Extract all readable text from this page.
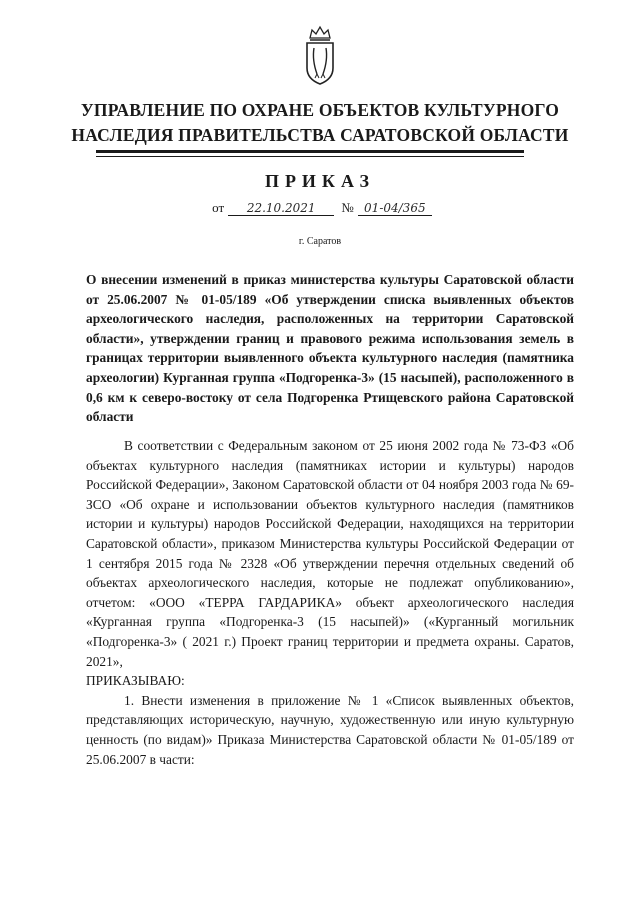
УПРАВЛЕНИЕ ПО ОХРАНЕ ОБЪЕКТОВ КУЛЬТУРНОГО
НАСЛЕДИЯ ПРАВИТЕЛЬСТВА САРАТОВСКОЙ ОБЛАСТИ
ПРИКАЗ
от 22.10.2021 № 01-04/365
г. Саратов
О внесении изменений в приказ министерства культуры Саратовской области от 25.06.2007 № 01-05/189 «Об утверждении списка выявленных объектов археологического наследия, расположенных на территории Саратовской области», утверждении границ и правового режима использования земель в границах территории выявленного объекта культурного наследия (памятника археологии) Курганная группа «Подгоренка-3» (15 насыпей), расположенного в 0,6 км к северо-востоку от села Подгоренка Ртищевского района Саратовской области

В соответствии с Федеральным законом от 25 июня 2002 года № 73-ФЗ «Об объектах культурного наследия (памятниках истории и культуры) народов Российской Федерации», Законом Саратовской области от 04 ноября 2003 года № 69-ЗСО «Об охране и использовании объектов культурного наследия (памятников истории и культуры) народов Российской Федерации, находящихся на территории Саратовской области», приказом Министерства культуры Российской Федерации от 1 сентября 2015 года № 2328 «Об утверждении перечня отдельных сведений об объектах археологического наследия, которые не подлежат опубликованию», отчетом: «ООО «ТЕРРА ГАРДАРИКА» объект археологического наследия «Курганная группа «Подгоренка-3 (15 насыпей)» («Курганный могильник «Подгоренка-3» ( 2021 г.) Проект границ территории и предмета охраны. Саратов, 2021»,

ПРИКАЗЫВАЮ:

1. Внести изменения в приложение № 1 «Список выявленных объектов, представляющих историческую, научную, художественную или иную культурную ценность (по видам)» Приказа Министерства Саратовской области № 01-05/189 от 25.06.2007 в части:
